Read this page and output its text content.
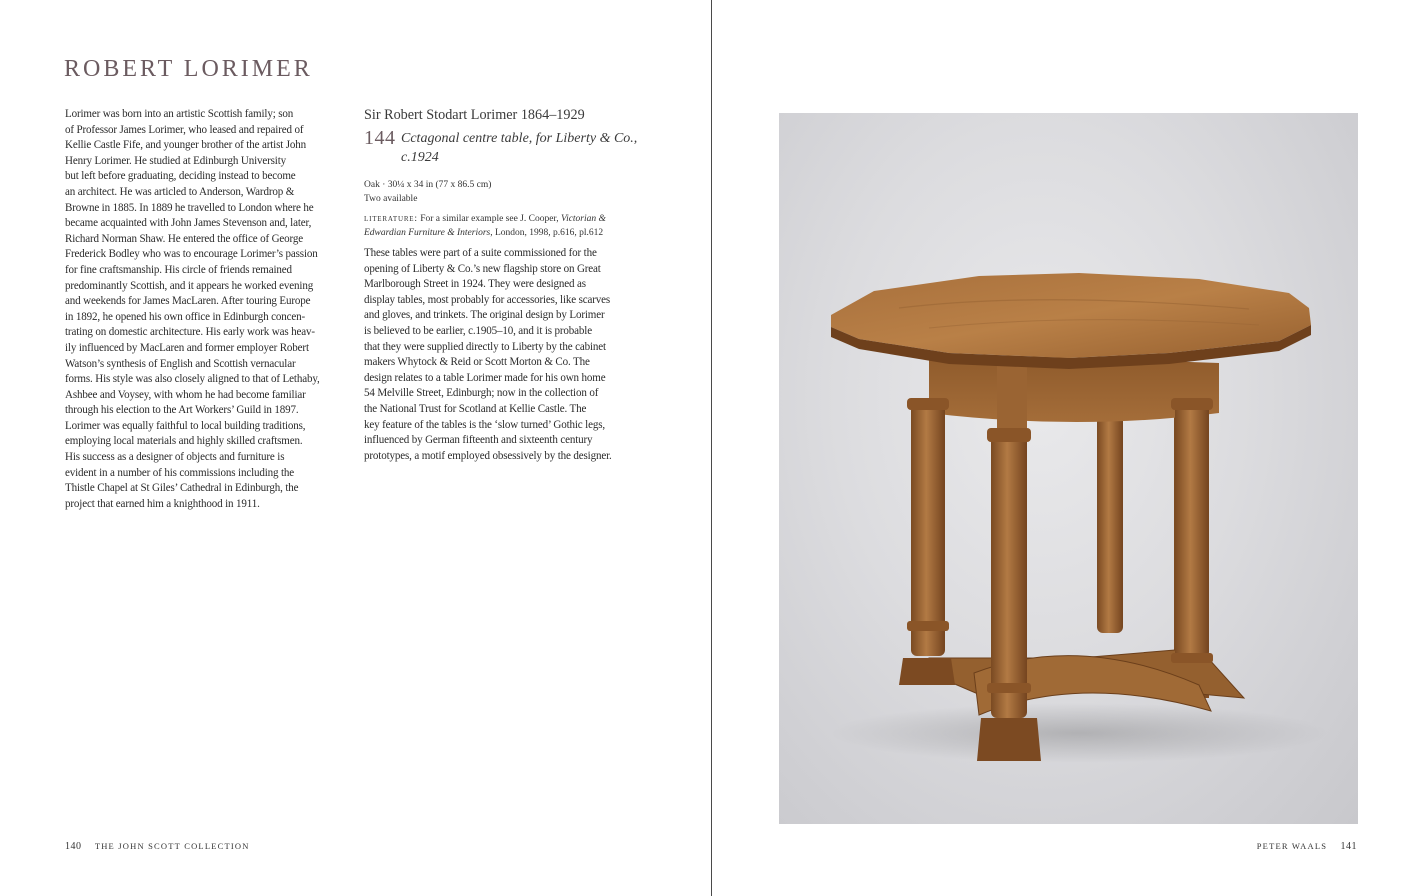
ROBERT LORIMER
Lorimer was born into an artistic Scottish family; son
of Professor James Lorimer, who leased and repaired of
Kellie Castle Fife, and younger brother of the artist John
Henry Lorimer. He studied at Edinburgh University
but left before graduating, deciding instead to become
an architect. He was articled to Anderson, Wardrop &
Browne in 1885. In 1889 he travelled to London where he
became acquainted with John James Stevenson and, later,
Richard Norman Shaw. He entered the office of George
Frederick Bodley who was to encourage Lorimer’s passion
for fine craftsmanship. His circle of friends remained
predominantly Scottish, and it appears he worked evening
and weekends for James MacLaren. After touring Europe
in 1892, he opened his own office in Edinburgh concen-
trating on domestic architecture. His early work was heav-
ily influenced by MacLaren and former employer Robert
Watson’s synthesis of English and Scottish vernacular
forms. His style was also closely aligned to that of Lethaby,
Ashbee and Voysey, with whom he had become familiar
through his election to the Art Workers’ Guild in 1897.
Lorimer was equally faithful to local building traditions,
employing local materials and highly skilled craftsmen.
His success as a designer of objects and furniture is
evident in a number of his commissions including the
Thistle Chapel at St Giles’ Cathedral in Edinburgh, the
project that earned him a knighthood in 1911.
Sir Robert Stodart Lorimer 1864–1929
144 Cctagonal centre table, for Liberty & Co.,
c.1924
Oak · 30¼ x 34 in (77 x 86.5 cm)
Two available
literature: For a similar example see J. Cooper, Victorian & Edwardian Furniture & Interiors, London, 1998, p.616, pl.612
These tables were part of a suite commissioned for the
opening of Liberty & Co.’s new flagship store on Great
Marlborough Street in 1924. They were designed as
display tables, most probably for accessories, like scarves
and gloves, and trinkets. The original design by Lorimer
is believed to be earlier, c.1905–10, and it is probable
that they were supplied directly to Liberty by the cabinet
makers Whytock & Reid or Scott Morton & Co. The
design relates to a table Lorimer made for his own home
54 Melville Street, Edinburgh; now in the collection of
the National Trust for Scotland at Kellie Castle. The
key feature of the tables is the ‘slow turned’ Gothic legs,
influenced by German fifteenth and sixteenth century
prototypes, a motif employed obsessively by the designer.
140 THE JOHN SCOTT COLLECTION	PETER WAALS 141
